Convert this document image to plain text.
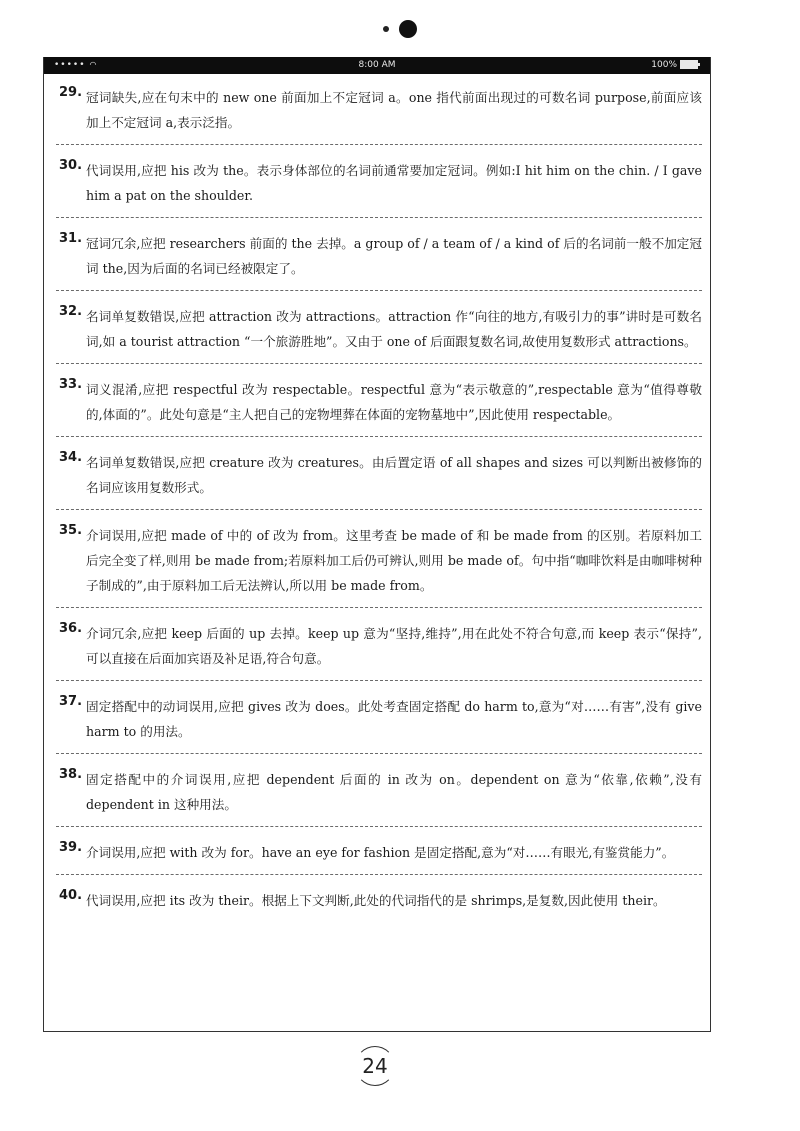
••••• ◠	8:00 AM	100%
29. 冠词缺失,应在句末中的 new one 前面加上不定冠词 a。one 指代前面出现过的可数名词 purpose,前面应该加上不定冠词 a,表示泛指。
30. 代词误用,应把 his 改为 the。表示身体部位的名词前通常要加定冠词。例如:I hit him on the chin. / I gave him a pat on the shoulder.
31. 冠词冗余,应把 researchers 前面的 the 去掉。a group of / a team of / a kind of 后的名词前一般不加定冠词 the,因为后面的名词已经被限定了。
32. 名词单复数错误,应把 attraction 改为 attractions。attraction 作“向往的地方,有吸引力的事”讲时是可数名词,如 a tourist attraction “一个旅游胜地”。又由于 one of 后面跟复数名词,故使用复数形式 attractions。
33. 词义混淆,应把 respectful 改为 respectable。respectful 意为“表示敬意的”,respectable 意为“值得尊敬的,体面的”。此处句意是“主人把自己的宠物埋葬在体面的宠物墓地中”,因此使用 respectable。
34. 名词单复数错误,应把 creature 改为 creatures。由后置定语 of all shapes and sizes 可以判断出被修饰的名词应该用复数形式。
35. 介词误用,应把 made of 中的 of 改为 from。这里考查 be made of 和 be made from 的区别。若原料加工后完全变了样,则用 be made from;若原料加工后仍可辨认,则用 be made of。句中指“咖啡饮料是由咖啡树种子制成的”,由于原料加工后无法辨认,所以用 be made from。
36. 介词冗余,应把 keep 后面的 up 去掉。keep up 意为“坚持,维持”,用在此处不符合句意,而 keep 表示“保持”,可以直接在后面加宾语及补足语,符合句意。
37. 固定搭配中的动词误用,应把 gives 改为 does。此处考查固定搭配 do harm to,意为“对……有害”,没有 give harm to 的用法。
38. 固定搭配中的介词误用,应把 dependent 后面的 in 改为 on。dependent on 意为“依靠,依赖”,没有 dependent in 这种用法。
39. 介词误用,应把 with 改为 for。have an eye for fashion 是固定搭配,意为“对……有眼光,有鉴赏能力”。
40. 代词误用,应把 its 改为 their。根据上下文判断,此处的代词指代的是 shrimps,是复数,因此使用 their。
24
